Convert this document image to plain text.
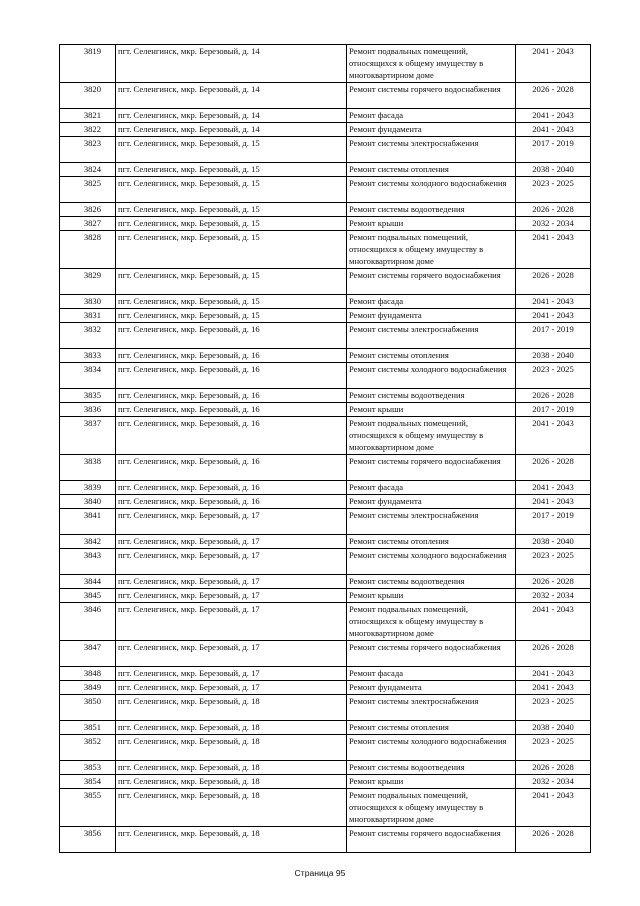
3819	пгт. Селенгинск, мкр. Березовый, д. 14	Ремонт подвальных помещений, относящихся к общему имуществу в многоквартирном доме	2041 - 2043
3820	пгт. Селенгинск, мкр. Березовый, д. 14	Ремонт системы горячего водоснабжения	2026 - 2028
3821	пгт. Селенгинск, мкр. Березовый, д. 14	Ремонт фасада	2041 - 2043
3822	пгт. Селенгинск, мкр. Березовый, д. 14	Ремонт фундамента	2041 - 2043
3823	пгт. Селенгинск, мкр. Березовый, д. 15	Ремонт системы электроснабжения	2017 - 2019
3824	пгт. Селенгинск, мкр. Березовый, д. 15	Ремонт системы отопления	2038 - 2040
3825	пгт. Селенгинск, мкр. Березовый, д. 15	Ремонт системы холодного водоснабжения	2023 - 2025
3826	пгт. Селенгинск, мкр. Березовый, д. 15	Ремонт системы водоотведения	2026 - 2028
3827	пгт. Селенгинск, мкр. Березовый, д. 15	Ремонт крыши	2032 - 2034
3828	пгт. Селенгинск, мкр. Березовый, д. 15	Ремонт подвальных помещений, относящихся к общему имуществу в многоквартирном доме	2041 - 2043
3829	пгт. Селенгинск, мкр. Березовый, д. 15	Ремонт системы горячего водоснабжения	2026 - 2028
3830	пгт. Селенгинск, мкр. Березовый, д. 15	Ремонт фасада	2041 - 2043
3831	пгт. Селенгинск, мкр. Березовый, д. 15	Ремонт фундамента	2041 - 2043
3832	пгт. Селенгинск, мкр. Березовый, д. 16	Ремонт системы электроснабжения	2017 - 2019
3833	пгт. Селенгинск, мкр. Березовый, д. 16	Ремонт системы отопления	2038 - 2040
3834	пгт. Селенгинск, мкр. Березовый, д. 16	Ремонт системы холодного водоснабжения	2023 - 2025
3835	пгт. Селенгинск, мкр. Березовый, д. 16	Ремонт системы водоотведения	2026 - 2028
3836	пгт. Селенгинск, мкр. Березовый, д. 16	Ремонт крыши	2017 - 2019
3837	пгт. Селенгинск, мкр. Березовый, д. 16	Ремонт подвальных помещений, относящихся к общему имуществу в многоквартирном доме	2041 - 2043
3838	пгт. Селенгинск, мкр. Березовый, д. 16	Ремонт системы горячего водоснабжения	2026 - 2028
3839	пгт. Селенгинск, мкр. Березовый, д. 16	Ремонт фасада	2041 - 2043
3840	пгт. Селенгинск, мкр. Березовый, д. 16	Ремонт фундамента	2041 - 2043
3841	пгт. Селенгинск, мкр. Березовый, д. 17	Ремонт системы электроснабжения	2017 - 2019
3842	пгт. Селенгинск, мкр. Березовый, д. 17	Ремонт системы отопления	2038 - 2040
3843	пгт. Селенгинск, мкр. Березовый, д. 17	Ремонт системы холодного водоснабжения	2023 - 2025
3844	пгт. Селенгинск, мкр. Березовый, д. 17	Ремонт системы водоотведения	2026 - 2028
3845	пгт. Селенгинск, мкр. Березовый, д. 17	Ремонт крыши	2032 - 2034
3846	пгт. Селенгинск, мкр. Березовый, д. 17	Ремонт подвальных помещений, относящихся к общему имуществу в многоквартирном доме	2041 - 2043
3847	пгт. Селенгинск, мкр. Березовый, д. 17	Ремонт системы горячего водоснабжения	2026 - 2028
3848	пгт. Селенгинск, мкр. Березовый, д. 17	Ремонт фасада	2041 - 2043
3849	пгт. Селенгинск, мкр. Березовый, д. 17	Ремонт фундамента	2041 - 2043
3850	пгт. Селенгинск, мкр. Березовый, д. 18	Ремонт системы электроснабжения	2023 - 2025
3851	пгт. Селенгинск, мкр. Березовый, д. 18	Ремонт системы отопления	2038 - 2040
3852	пгт. Селенгинск, мкр. Березовый, д. 18	Ремонт системы холодного водоснабжения	2023 - 2025
3853	пгт. Селенгинск, мкр. Березовый, д. 18	Ремонт системы водоотведения	2026 - 2028
3854	пгт. Селенгинск, мкр. Березовый, д. 18	Ремонт крыши	2032 - 2034
3855	пгт. Селенгинск, мкр. Березовый, д. 18	Ремонт подвальных помещений, относящихся к общему имуществу в многоквартирном доме	2041 - 2043
3856	пгт. Селенгинск, мкр. Березовый, д. 18	Ремонт системы горячего водоснабжения	2026 - 2028
Страница 95
